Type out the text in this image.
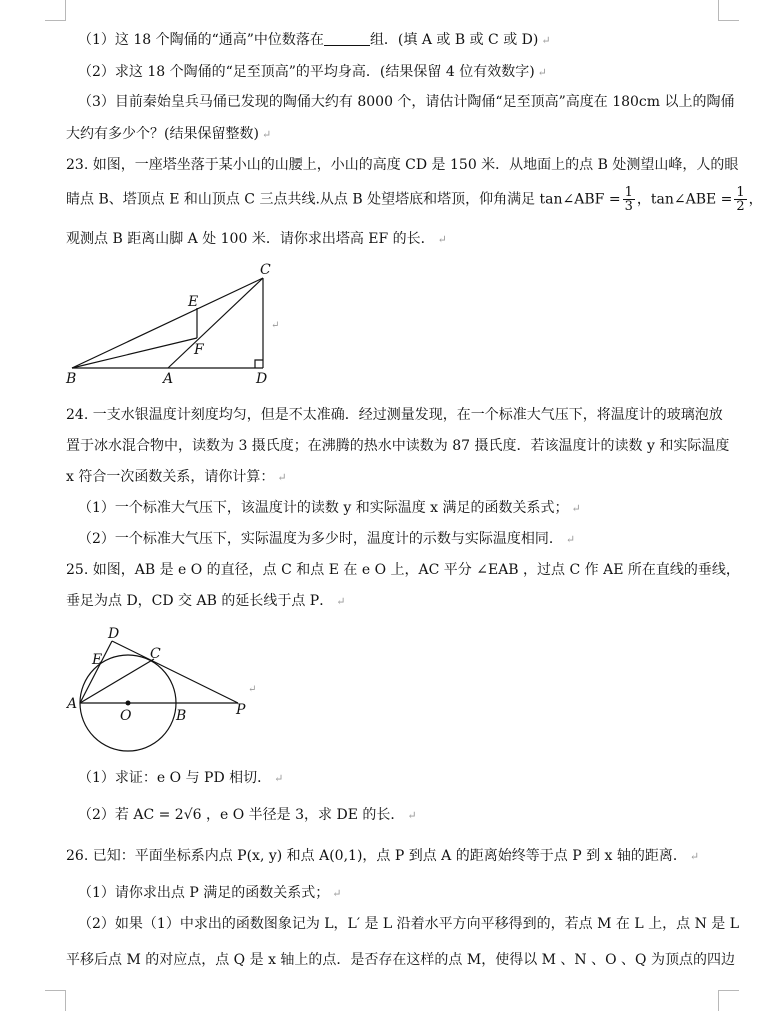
（1）这 18 个陶俑的“通高”中位数落在	组．(填 A 或 B 或 C 或 D) ↵
（2）求这 18 个陶俑的“足至顶高”的平均身高．(结果保留 4 位有效数字) ↵
（3）目前秦始皇兵马俑已发现的陶俑大约有 8000 个，请估计陶俑“足至顶高”高度在 180cm 以上的陶俑
大约有多少个？(结果保留整数) ↵
23. 如图，一座塔坐落于某小山的山腰上，小山的高度 CD 是 150 米．从地面上的点 B 处测望山峰，人的眼
睛点 B、塔顶点 E 和山顶点 C 三点共线.从点 B 处望塔底和塔顶，仰角满足 tan∠ABF = $\frac{1}{3}$ ，tan∠ABE = $\frac{1}{2}$ ，
观测点 B 距离山脚 A 处 100 米．请你求出塔高 EF 的长． ↵
B	A	D
C
E
F
↵
24. 一支水银温度计刻度均匀，但是不太准确．经过测量发现，在一个标准大气压下，将温度计的玻璃泡放
置于冰水混合物中，读数为 3 摄氏度；在沸腾的热水中读数为 87 摄氏度．若该温度计的读数 y 和实际温度
x 符合一次函数关系，请你计算： ↵
（1）一个标准大气压下，该温度计的读数 y 和实际温度 x 满足的函数关系式； ↵
（2）一个标准大气压下，实际温度为多少时，温度计的示数与实际温度相同． ↵
25. 如图，AB 是 e O 的直径，点 C 和点 E 在 e O 上，AC 平分 ∠EAB ，过点 C 作 AE 所在直线的垂线，
垂足为点 D，CD 交 AB 的延长线于点 P． ↵
D
E	C
A
O	B	P
↵
（1）求证：e O 与 PD 相切． ↵
（2）若 AC = 2√6 ，e O 半径是 3，求 DE 的长． ↵
26. 已知：平面坐标系内点 P(x, y) 和点 A(0,1)，点 P 到点 A 的距离始终等于点 P 到 x 轴的距离． ↵
（1）请你求出点 P 满足的函数关系式； ↵
（2）如果（1）中求出的函数图象记为 L，L′ 是 L 沿着水平方向平移得到的，若点 M 在 L 上，点 N 是 L
平移后点 M 的对应点，点 Q 是 x 轴上的点．是否存在这样的点 M，使得以 M 、N 、O 、Q 为顶点的四边
